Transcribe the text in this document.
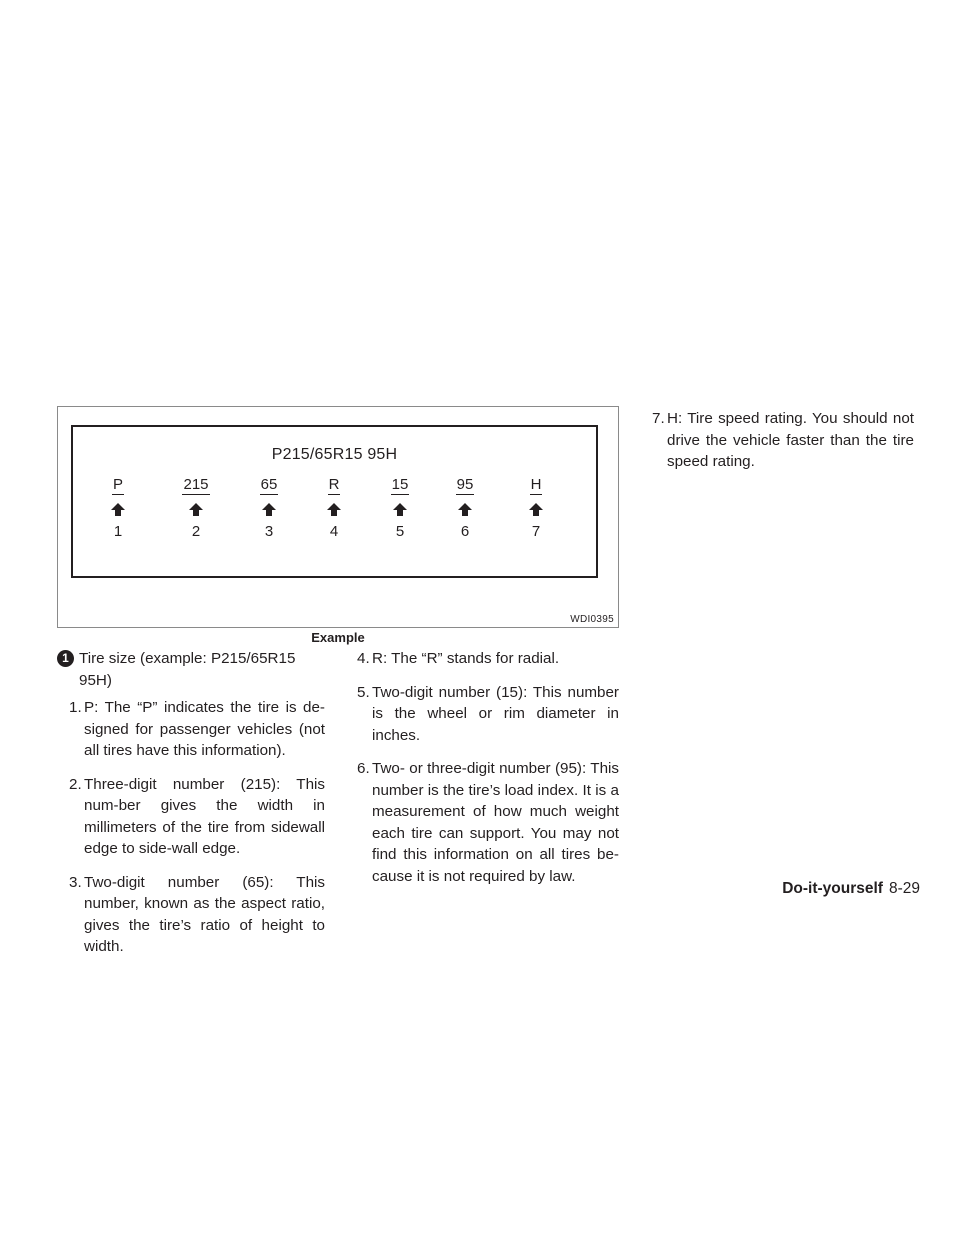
P215/65R15 95H
P
1
215
2
65
3
R
4
15
5
95
6
H
7
WDI0395
Example

1 Tire size (example: P215/65R15 95H)

1. P: The “P” indicates the tire is de-signed for passenger vehicles (not all tires have this information).

2. Three-digit number (215): This num-ber gives the width in millimeters of the tire from sidewall edge to side-wall edge.

3. Two-digit number (65): This number, known as the aspect ratio, gives the tire’s ratio of height to width.

4. R: The “R” stands for radial.

5. Two-digit number (15): This number is the wheel or rim diameter in inches.

6. Two- or three-digit number (95): This number is the tire’s load index. It is a measurement of how much weight each tire can support. You may not find this information on all tires be-cause it is not required by law.

7. H: Tire speed rating. You should not drive the vehicle faster than the tire speed rating.

Do-it-yourself 8-29
